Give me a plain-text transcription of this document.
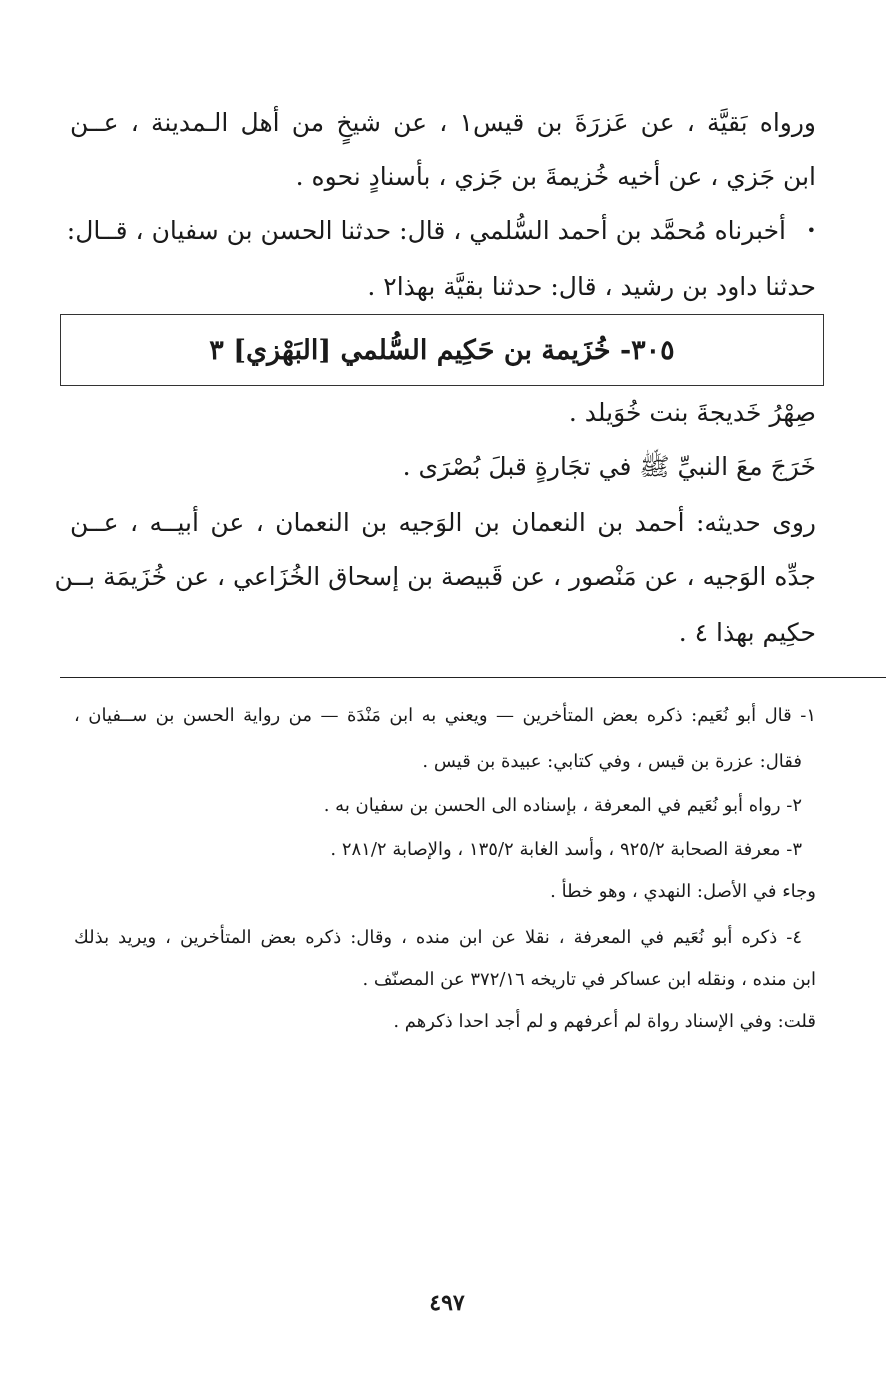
ورواه بَقيَّة ، عن عَزرَةَ بن قيس١ ، عن شيخٍ من أهل الـمدينة ، عــن
ابن جَزي ، عن أخيه خُزيمةَ بن جَزي ، بأسنادٍ نحوه .
•
أخبرناه مُحمَّد بن أحمد السُّلمي ، قال: حدثنا الحسن بن سفيان ، قــال:
حدثنا داود بن رشيد ، قال: حدثنا بقيَّة بهذا٢ .
٣٠٥- خُزَيمة بن حَكِيم السُّلمي [البَهْزي] ٣
صِهْرُ خَديجةَ بنت خُوَيلد .
خَرَجَ معَ النبيِّ ﷺ في تجَارةٍ قبلَ بُصْرَى .
روى حديثه: أحمد بن النعمان بن الوَجيه بن النعمان ، عن أبيــه ، عــن
جدِّه الوَجيه ، عن مَنْصور ، عن قَبيصة بن إسحاق الخُزَاعي ، عن خُزَيمَة بــن
حكِيم بهذا ٤ .
١- قال أبو نُعَيم: ذكره بعض المتأخرين — ويعني به ابن مَنْدَة — من رواية الحسن بن ســفيان ،
فقال: عزرة بن قيس ، وفي كتابي: عبيدة بن قيس .
٢- رواه أبو نُعَيم في المعرفة ، بإسناده الى الحسن بن سفيان به .
٣- معرفة الصحابة ٩٢٥/٢ ، وأسد الغابة ١٣٥/٢ ، والإصابة ٢٨١/٢ .
وجاء في الأصل: النهدي ، وهو خطأ .
٤- ذكره أبو نُعَيم في المعرفة ، نقلا عن ابن منده ، وقال: ذكره بعض المتأخرين ، ويريد بذلك
ابن منده ، ونقله ابن عساكر في تاريخه ٣٧٢/١٦ عن المصنّف .
قلت: وفي الإسناد رواة لم أعرفهم و لم أجد احدا ذكرهم .
٤٩٧
